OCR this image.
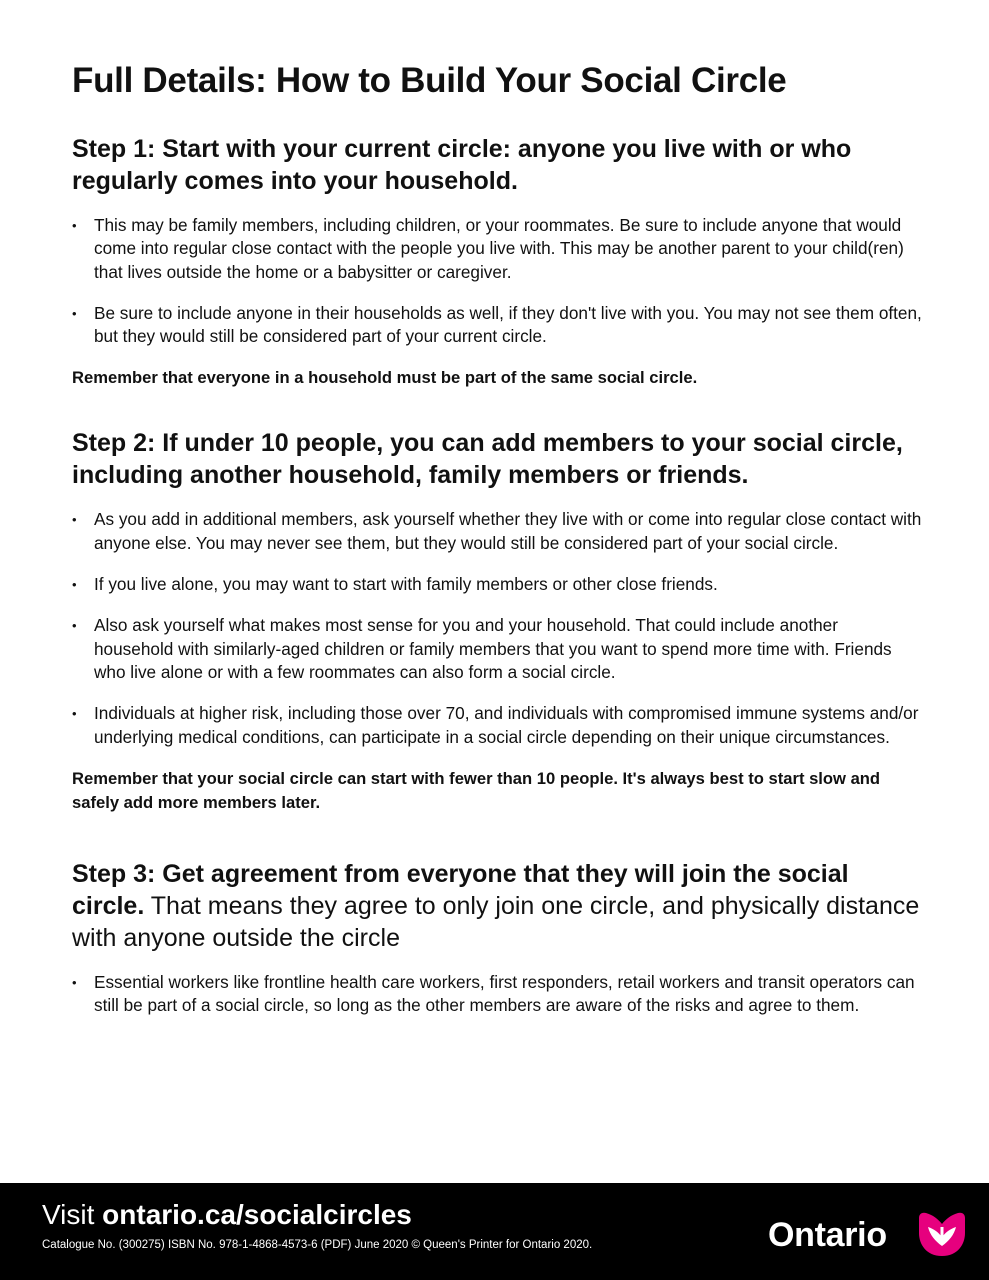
Full Details: How to Build Your Social Circle
Step 1: Start with your current circle: anyone you live with or who regularly comes into your household.
• This may be family members, including children, or your roommates. Be sure to include anyone that would come into regular close contact with the people you live with. This may be another parent to your child(ren) that lives outside the home or a babysitter or caregiver.
• Be sure to include anyone in their households as well, if they don't live with you. You may not see them often, but they would still be considered part of your current circle.

Remember that everyone in a household must be part of the same social circle.

Step 2: If under 10 people, you can add members to your social circle, including another household, family members or friends.
• As you add in additional members, ask yourself whether they live with or come into regular close contact with anyone else. You may never see them, but they would still be considered part of your social circle.
• If you live alone, you may want to start with family members or other close friends.
• Also ask yourself what makes most sense for you and your household. That could include another household with similarly-aged children or family members that you want to spend more time with. Friends who live alone or with a few roommates can also form a social circle.
• Individuals at higher risk, including those over 70, and individuals with compromised immune systems and/or underlying medical conditions, can participate in a social circle depending on their unique circumstances.

Remember that your social circle can start with fewer than 10 people. It's always best to start slow and safely add more members later.

Step 3: Get agreement from everyone that they will join the social circle. That means they agree to only join one circle, and physically distance with anyone outside the circle
• Essential workers like frontline health care workers, first responders, retail workers and transit operators can still be part of a social circle, so long as the other members are aware of the risks and agree to them.
Visit ontario.ca/socialcircles
Catalogue No. (300275) ISBN No. 978-1-4868-4573-6 (PDF) June 2020 © Queen's Printer for Ontario 2020.	Ontario
